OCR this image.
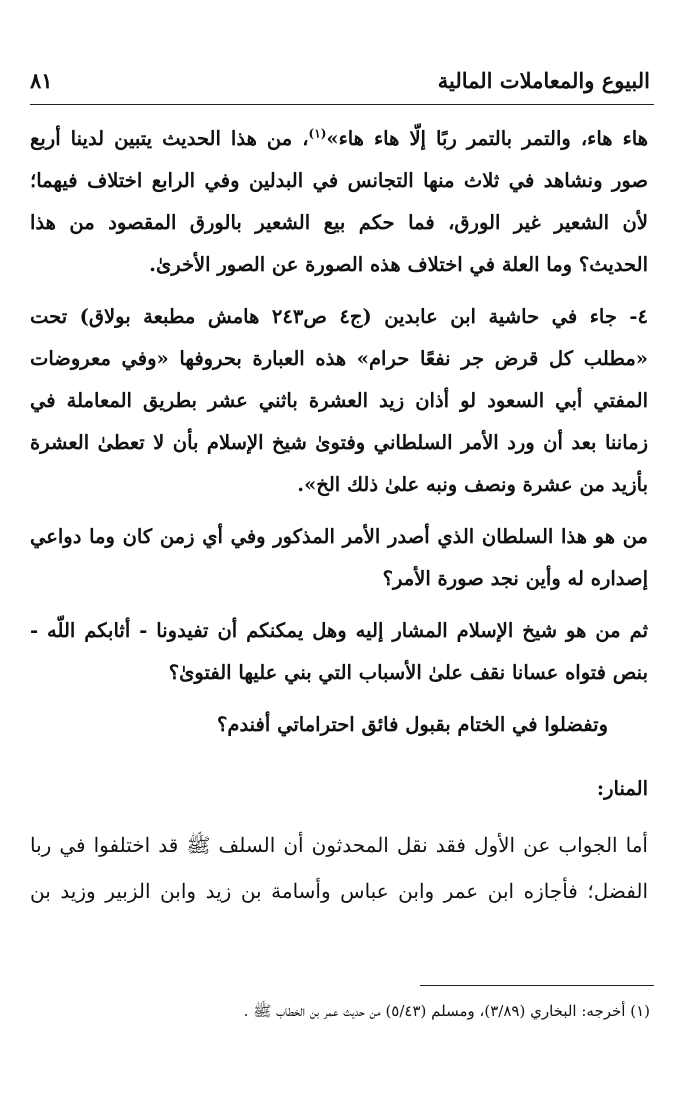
البيوع والمعاملات المالية
٨١

هاء هاء، والتمر بالتمر ربًا إلّا هاء هاء»$^{(١)}$، من هذا الحديث يتبين لدينا أربع صور ونشاهد في ثلاث منها التجانس في البدلين وفي الرابع اختلاف فيهما؛ لأن الشعير غير الورق، فما حكم بيع الشعير بالورق المقصود من هذا الحديث؟ وما العلة في اختلاف هذه الصورة عن الصور الأخرىٰ.

٤- جاء في حاشية ابن عابدين (ج٤ ص٢٤٣ هامش مطبعة بولاق) تحت «مطلب كل قرض جر نفعًا حرام» هذه العبارة بحروفها «وفي معروضات المفتي أبي السعود لو أذان زيد العشرة باثني عشر بطريق المعاملة في زماننا بعد أن ورد الأمر السلطاني وفتوىٰ شيخ الإسلام بأن لا تعطىٰ العشرة بأزيد من عشرة ونصف ونبه علىٰ ذلك الخ».

من هو هذا السلطان الذي أصدر الأمر المذكور وفي أي زمن كان وما دواعي إصداره له وأين نجد صورة الأمر؟

ثم من هو شيخ الإسلام المشار إليه وهل يمكنكم أن تفيدونا - أثابكم اللّه - بنص فتواه عسانا نقف علىٰ الأسباب التي بني عليها الفتوىٰ؟

وتفضلوا في الختام بقبول فائق احتراماتي أفندم؟

المنار:

أما الجواب عن الأول فقد نقل المحدثون أن السلف ﷺ قد اختلفوا في ربا الفضل؛ فأجازه ابن عمر وابن عباس وأسامة بن زيد وابن الزبير وزيد بن

(١) أخرجه: البخاري (٣/٨٩)، ومسلم (٥/٤٣) من حديث عمر بن الخطاب ﷺ .
